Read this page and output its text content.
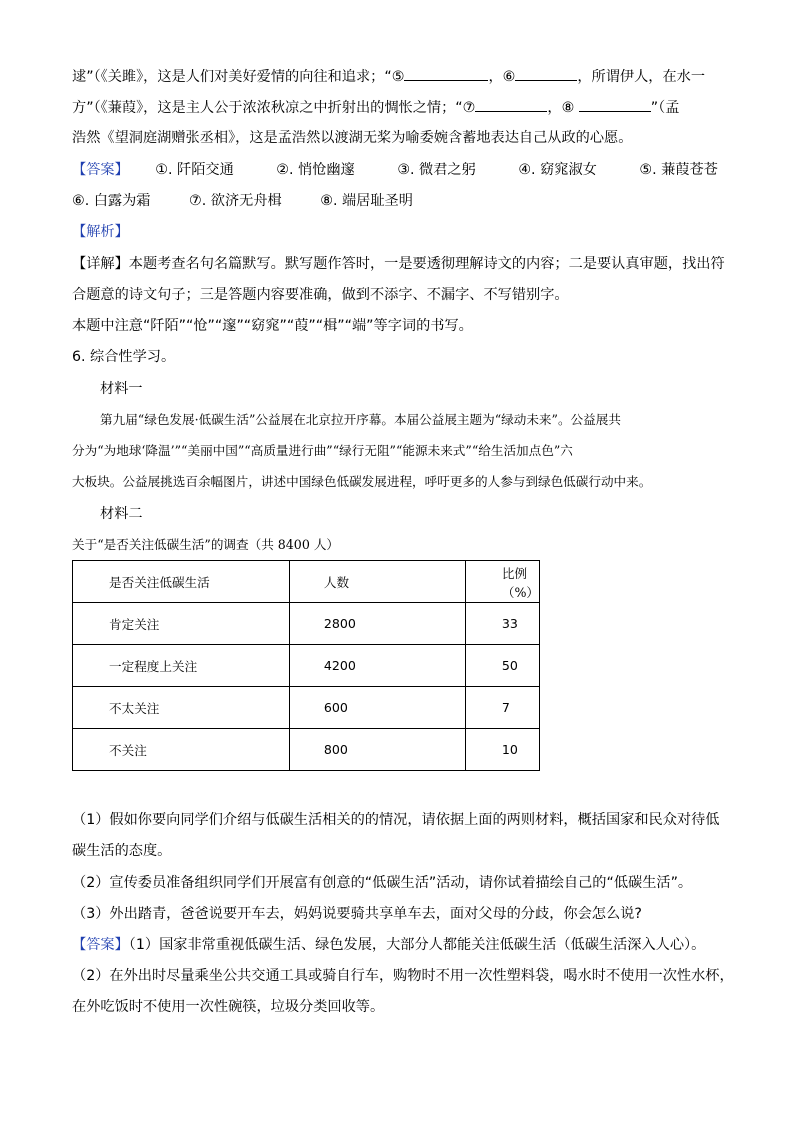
逑”（《关雎》，这是人们对美好爱情的向往和追求；“⑤	，⑥	，所谓伊人，在水一
方”（《蒹葭》，这是主人公于浓浓秋凉之中折射出的惆怅之情；“⑦	，⑧	”（孟
浩然《望洞庭湖赠张丞相》，这是孟浩然以渡湖无桨为喻委婉含蓄地表达自己从政的心愿。
【答案】 ①. 阡陌交通	②. 悄怆幽邃	③. 微君之躬	④. 窈窕淑女	⑤. 蒹葭苍苍
⑥. 白露为霜	⑦. 欲济无舟楫	⑧. 端居耻圣明
【解析】
【详解】本题考查名句名篇默写。默写题作答时，一是要透彻理解诗文的内容；二是要认真审题，找出符
合题意的诗文句子；三是答题内容要准确，做到不添字、不漏字、不写错别字。
本题中注意“阡陌”“怆”“邃”“窈窕”“葭”“楫”“端”等字词的书写。
6. 综合性学习。
材料一
第九届“绿色发展·低碳生活”公益展在北京拉开序幕。本届公益展主题为“绿动未来”。公益展共
分为“为地球‘降温’”“美丽中国”“高质量进行曲”“绿行无阻”“能源未来式”“给生活加点色”六
大板块。公益展挑选百余幅图片，讲述中国绿色低碳发展进程，呼吁更多的人参与到绿色低碳行动中来。
材料二
关于“是否关注低碳生活”的调查（共 8400 人）
是否关注低碳生活	人数	比例（%）
肯定关注	2800	33
一定程度上关注	4200	50
不太关注	600	7
不关注	800	10
（1）假如你要向同学们介绍与低碳生活相关的的情况，请依据上面的两则材料，概括国家和民众对待低
碳生活的态度。
（2）宣传委员准备组织同学们开展富有创意的“低碳生活”活动，请你试着描绘自己的“低碳生活”。
（3）外出踏青，爸爸说要开车去，妈妈说要骑共享单车去，面对父母的分歧，你会怎么说?
【答案】（1）国家非常重视低碳生活、绿色发展，大部分人都能关注低碳生活（低碳生活深入人心）。
（2）在外出时尽量乘坐公共交通工具或骑自行车，购物时不用一次性塑料袋，喝水时不使用一次性水杯，
在外吃饭时不使用一次性碗筷，垃圾分类回收等。
